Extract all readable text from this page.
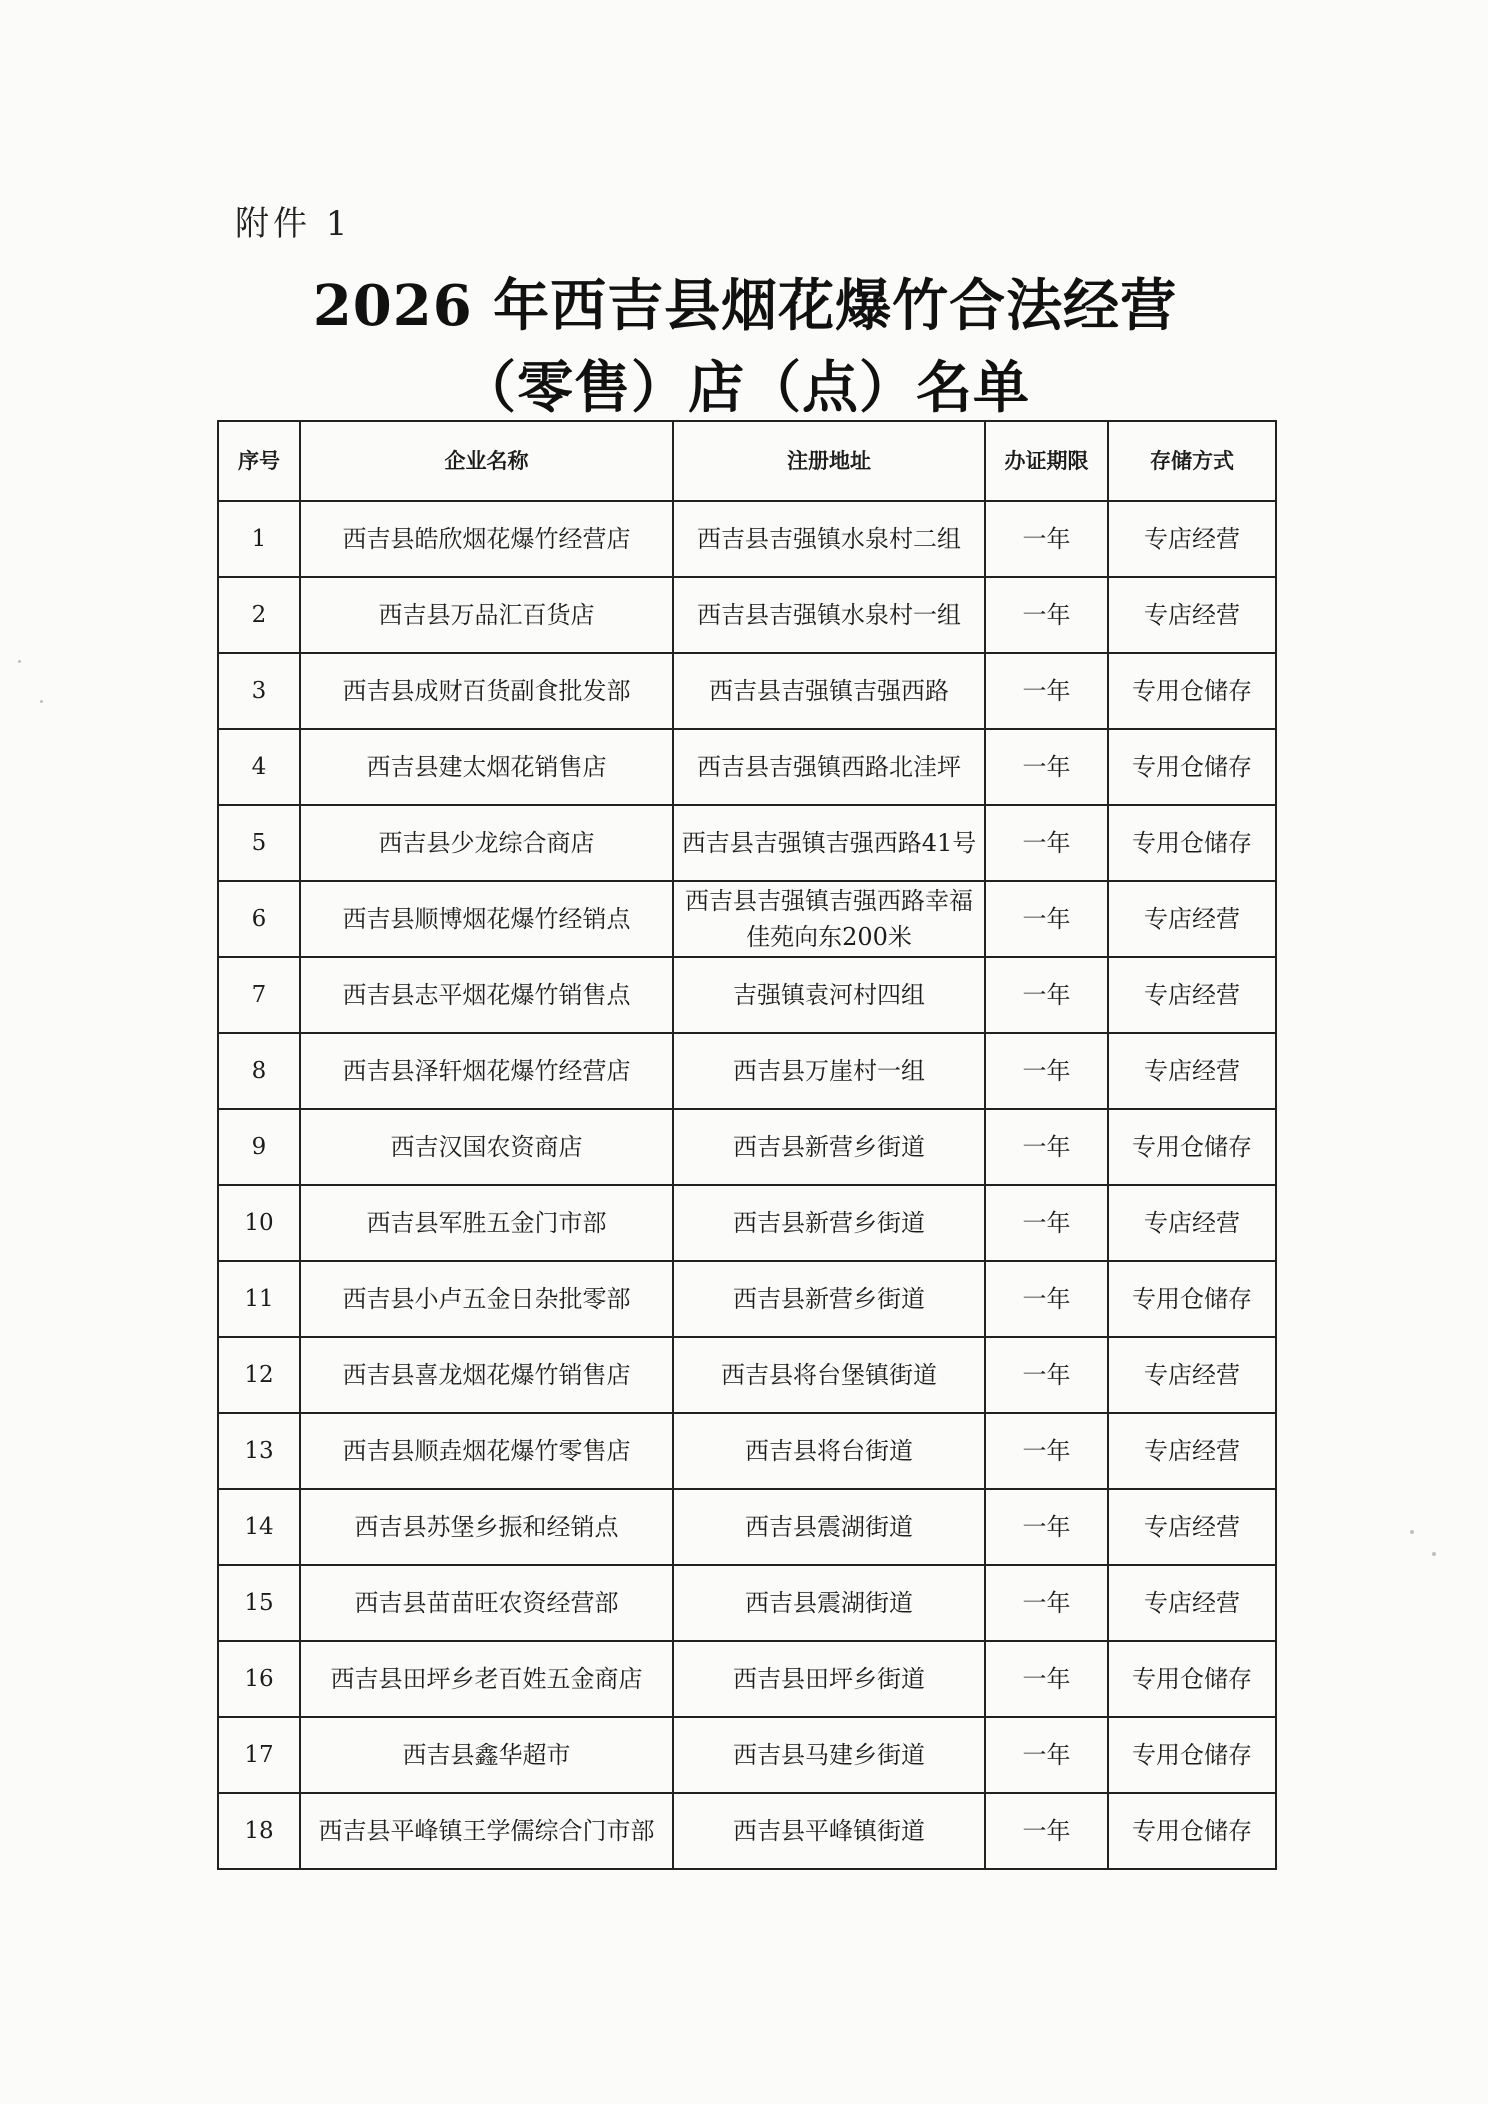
附件 1
2026 年西吉县烟花爆竹合法经营
（零售）店（点）名单
序号	企业名称	注册地址	办证期限	存储方式
1	西吉县皓欣烟花爆竹经营店	西吉县吉强镇水泉村二组	一年	专店经营
2	西吉县万品汇百货店	西吉县吉强镇水泉村一组	一年	专店经营
3	西吉县成财百货副食批发部	西吉县吉强镇吉强西路	一年	专用仓储存
4	西吉县建太烟花销售店	西吉县吉强镇西路北洼坪	一年	专用仓储存
5	西吉县少龙综合商店	西吉县吉强镇吉强西路41号	一年	专用仓储存
6	西吉县顺博烟花爆竹经销点	西吉县吉强镇吉强西路幸福佳苑向东200米	一年	专店经营
7	西吉县志平烟花爆竹销售点	吉强镇袁河村四组	一年	专店经营
8	西吉县泽轩烟花爆竹经营店	西吉县万崖村一组	一年	专店经营
9	西吉汉国农资商店	西吉县新营乡街道	一年	专用仓储存
10	西吉县军胜五金门市部	西吉县新营乡街道	一年	专店经营
11	西吉县小卢五金日杂批零部	西吉县新营乡街道	一年	专用仓储存
12	西吉县喜龙烟花爆竹销售店	西吉县将台堡镇街道	一年	专店经营
13	西吉县顺垚烟花爆竹零售店	西吉县将台街道	一年	专店经营
14	西吉县苏堡乡振和经销点	西吉县震湖街道	一年	专店经营
15	西吉县苗苗旺农资经营部	西吉县震湖街道	一年	专店经营
16	西吉县田坪乡老百姓五金商店	西吉县田坪乡街道	一年	专用仓储存
17	西吉县鑫华超市	西吉县马建乡街道	一年	专用仓储存
18	西吉县平峰镇王学儒综合门市部	西吉县平峰镇街道	一年	专用仓储存
